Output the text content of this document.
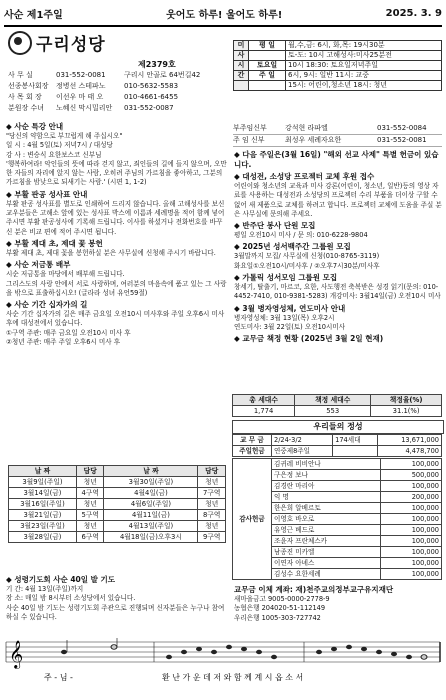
사순 제1주일	웃어도 하루! 울어도 하루!	2025. 3. 9
구리성당
제2379호
사 무 실	031-552-0081	구리시 안골로 64번길42
선종봉사회장	정병선 스테파노	010-5632-5583
사 목 회 장	이선우 마 태 오	010-4661-6455
분원장 수녀	노혜신 막시밀리안	031-552-0087
미	평 일	월,수,금: 6시, 화,목: 19시30분
사		토-도: 10시 고해성사:미사25분전
시	토요일	10시 18:30: 토요일저녁주일
간	주 일	6시, 9시: 일반 11시: 교중
		15시: 어린이,청소년 18시: 청년
부주임신부	강석현 라파엘	031-552-0084
주 임 신부	최성우 세례자요한	031-552-0081
◆ 사순 특강 안내

"당신의 약함으로 부끄럽게 해 주십시오"

일 시 : 4월 5일(토) 저녁7시 / 대성당

강 사 : 변승식 요한보스코 신부님

'행복하여라! 악인들의 뜻에 따라 걷지 않고, 죄인들의 길에 들지 않으며, 오만한 자들의 자리에 앉지 않는 사람, 오히려 주님의 가르침을 좋아하고, 그분의 가르침을 밤낮으로 되새기는 사람.' (시편 1, 1-2)

◆ 부활 판공 성사표 안내

부활 판공 성사표를 별도로 인쇄하여 드리지 않습니다. 올해 고해성사를 보신 교우분들은 고해소 앞에 있는 성사표 박스에 이름과 세례명을 적어 함께 넣어 주시면 부활 판공성사에 기록해 드립니다. 이사를 하셨거나 전화번호를 바꾸신 분은 비교 편에 적어 주시면 됩니다.

◆ 부활 제대 초, 제대 꽃 봉헌

부활 제대 초, 제대 꽃을 봉헌하실 분은 사무실에 신청해 주시기 바랍니다.

◆ 사순 저금통 배부

시순 저금통을 마당에서 배부해 드립니다.

그리스도의 사랑 안에서 서로 사랑하며, 여러분의 마음속에 품고 있는 그 사랑을 밖으로 표출하십시오! (글라라 성녀 유언59절)

◆ 사순 기간 십자가의 길

사순 기간 십자가의 길은 매주 금요일 오전10시 미사후와 주일 오후6시 미사후에 대성전에서 있습니다.

①구역 주관: 매주 금요일 오전10시 미사 후

②청년 주관: 매주 주일 오후6시 미사 후

날 짜	담당	날 짜	담당
3월9일(주일)	청년	3월30일(주일)	청년
3월14일(금)	4구역	4월4일(금)	7구역
3월16일(주일)	청년	4월6일(주일)	청년
3월21일(금)	5구역	4월11일(금)	8구역
3월23일(주일)	청년	4월13일(주일)	청년
3월28일(금)	6구역	4월18일(금)오후3시	9구역
◆ 성령기도회 사순 40일 발 기도

기 간: 4월 13일(주일)까지

장 소: 매일 밤 8시부터 소성당에서 있습니다.

사순 40일 밤 기도는 성령기도회 주관으로 진행되며 신자분들은 누구나 참여하실 수 있습니다.

◆ 다음 주일은(3월 16일) "해외 선교 사제" 특별 헌금이 있습니다.
◆ 대성전, 소성당 프로젝터 교체 후원 접수

어린이와 청소년의 교육과 미사 강론(어린이, 청소년, 일반)등의 영상 자료를 사용하는 대성전과 소성당의 프로젝터 수리 부품을 더이상 구할 수 없어 새 제품으로 교체를 하려고 합니다. 프로젝터 교체에 도움을 주실 분은 사무실에 문의해 주세요.

◆ 반주단 봉사 단원 모집

평일 오전10시 미사 / 문 의: 010-6228-9804

◆ 2025년 성서백주간 그룹원 모집

3월말까지 모집/ 사무실에 신청(010-8765-3119)

화요일①오전10시/미사후 / ②오후7시30분/미사후

◆ 가톨릭 성서모임 그룹원 모집

창세기, 탈출기, 마르코, 요한, 사도행전 축복받은 성경 읽기(문의: 010-4452-7410, 010-9381-5283) 개강미사: 3월14일(금) 오전10시 미사

◆ 3월 병자영성체, 연도미사 안내

병자영성체: 3월 13일(목) 오후2시

연도미사: 3월 22일(토) 오전10시미사

◆ 교무금 책정 현황 (2025년 3월 2일 현재)
총 세대수	책정 세대수	책정율(%)
1,774	553	31.1(%)
우리들의 정성
교 무 금	2/24-3/2	174세대	13,671,000
주일헌금	연중제8주일		4,478,700
감사헌금	김귀레 비비안나	100,000
	구은정 보나	500,000
	김경란 마리아	100,000
	익 명	200,000
	한은희 알베르토	100,000
	이영호 바오로	100,000
	유영근 베드로	100,000
	조윤자 프란체스카	100,000
	남종진 미카엘	100,000
	이연자 아녜스	100,000
	김성수 요한세례	100,000
교무금 이체 계좌: 재)천주교의정부교구유지재단

새마을금고 9005-0000-2778-9

농협은행 204020-51-112149

우리은행 1005-303-727742

𝄞
주 - 님 -	환 난 가 운 데 저 와 함 께 계 시 옵 소 서
